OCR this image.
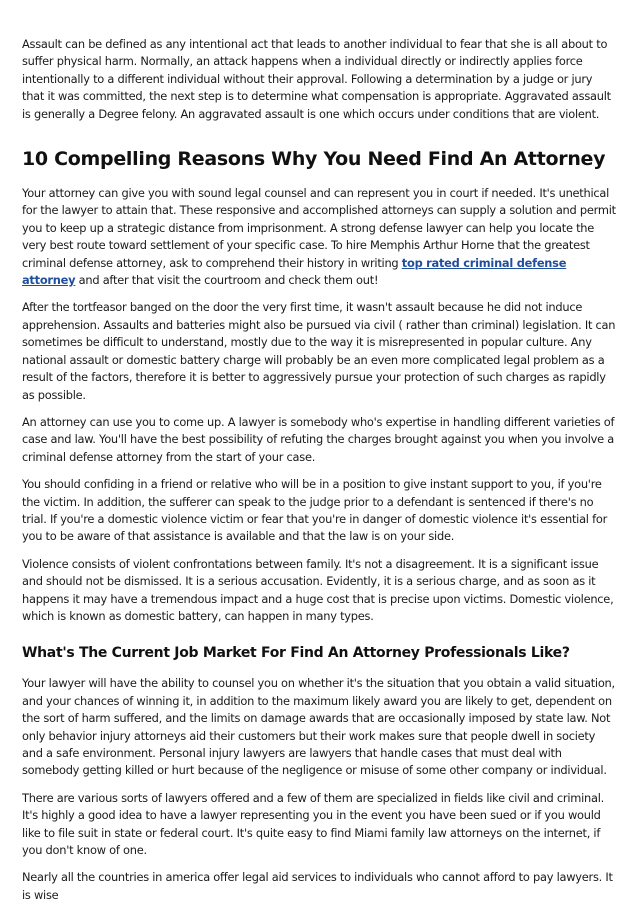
Assault can be defined as any intentional act that leads to another individual to fear that she is all about to suffer physical harm. Normally, an attack happens when a individual directly or indirectly applies force intentionally to a different individual without their approval. Following a determination by a judge or jury that it was committed, the next step is to determine what compensation is appropriate. Aggravated assault is generally a Degree felony. An aggravated assault is one which occurs under conditions that are violent.

10 Compelling Reasons Why You Need Find An Attorney

Your attorney can give you with sound legal counsel and can represent you in court if needed. It's unethical for the lawyer to attain that. These responsive and accomplished attorneys can supply a solution and permit you to keep up a strategic distance from imprisonment. A strong defense lawyer can help you locate the very best route toward settlement of your specific case. To hire Memphis Arthur Horne that the greatest criminal defense attorney, ask to comprehend their history in writing top rated criminal defense attorney and after that visit the courtroom and check them out!

After the tortfeasor banged on the door the very first time, it wasn't assault because he did not induce apprehension. Assaults and batteries might also be pursued via civil ( rather than criminal) legislation. It can sometimes be difficult to understand, mostly due to the way it is misrepresented in popular culture. Any national assault or domestic battery charge will probably be an even more complicated legal problem as a result of the factors, therefore it is better to aggressively pursue your protection of such charges as rapidly as possible.

An attorney can use you to come up. A lawyer is somebody who's expertise in handling different varieties of case and law. You'll have the best possibility of refuting the charges brought against you when you involve a criminal defense attorney from the start of your case.

You should confiding in a friend or relative who will be in a position to give instant support to you, if you're the victim. In addition, the sufferer can speak to the judge prior to a defendant is sentenced if there's no trial. If you're a domestic violence victim or fear that you're in danger of domestic violence it's essential for you to be aware of that assistance is available and that the law is on your side.

Violence consists of violent confrontations between family. It's not a disagreement. It is a significant issue and should not be dismissed. It is a serious accusation. Evidently, it is a serious charge, and as soon as it happens it may have a tremendous impact and a huge cost that is precise upon victims. Domestic violence, which is known as domestic battery, can happen in many types.

What's The Current Job Market For Find An Attorney Professionals Like?

Your lawyer will have the ability to counsel you on whether it's the situation that you obtain a valid situation, and your chances of winning it, in addition to the maximum likely award you are likely to get, dependent on the sort of harm suffered, and the limits on damage awards that are occasionally imposed by state law. Not only behavior injury attorneys aid their customers but their work makes sure that people dwell in society and a safe environment. Personal injury lawyers are lawyers that handle cases that must deal with somebody getting killed or hurt because of the negligence or misuse of some other company or individual.

There are various sorts of lawyers offered and a few of them are specialized in fields like civil and criminal. It's highly a good idea to have a lawyer representing you in the event you have been sued or if you would like to file suit in state or federal court. It's quite easy to find Miami family law attorneys on the internet, if you don't know of one.

Nearly all the countries in america offer legal aid services to individuals who cannot afford to pay lawyers. It is wise
